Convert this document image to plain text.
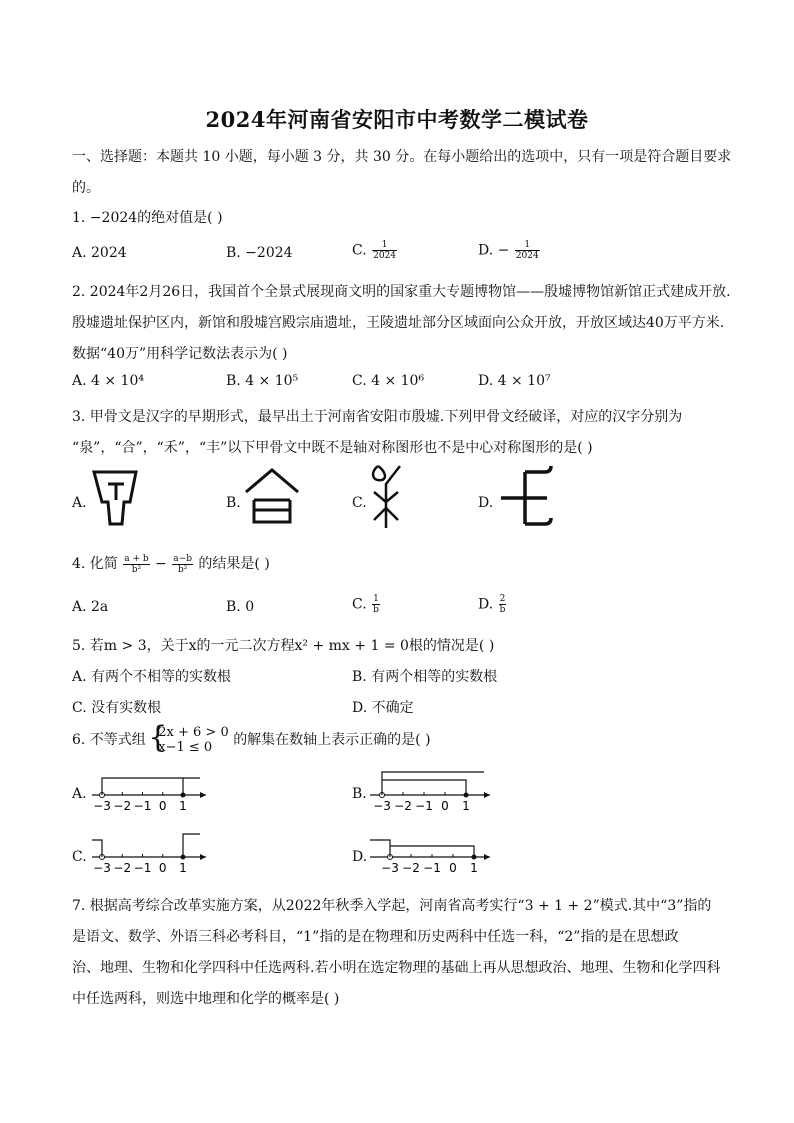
2024年河南省安阳市中考数学二模试卷
一、选择题：本题共 10 小题，每小题 3 分，共 30 分。在每小题给出的选项中，只有一项是符合题目要求
的。
1. −2024的绝对值是( )
A. 2024	B. −2024	C. $\frac{1}{2024}$	D. − $\frac{1}{2024}$
2. 2024年2月26日，我国首个全景式展现商文明的国家重大专题博物馆——殷墟博物馆新馆正式建成开放.
殷墟遗址保护区内，新馆和殷墟宫殿宗庙遗址，王陵遗址部分区域面向公众开放，开放区域达40万平方米.
数据“40万”用科学记数法表示为( )
A. 4 × 10⁴	B. 4 × 10⁵	C. 4 × 10⁶	D. 4 × 10⁷
3. 甲骨文是汉字的早期形式，最早出土于河南省安阳市殷墟.下列甲骨文经破译，对应的汉字分别为
“泉”，“合”，“禾”，“丰”以下甲骨文中既不是轴对称图形也不是中心对称图形的是( )
A.	B.	C.	D.
4. 化简 $\frac{a + b}{\text{b²}} - \frac{a-b}{\text{b²}}$ 的结果是( )
A. 2a	B. 0	C. $\frac{1}{b}$	D. $\frac{2}{b}$
5. 若m > 3，关于x的一元二次方程x² + mx + 1 = 0根的情况是( )
A. 有两个不相等的实数根	B. 有两个相等的实数根
C. 没有实数根	D. 不确定
6. 不等式组
{ 2x + 6 > 0
x−1 ≤ 0	的解集在数轴上表示正确的是( )
A.
−3 −2 −1 0 1
B.
−3 −2 −1 0 1
C.
−3 −2 −1 0 1
D.
−3 −2 −1 0 1
7. 根据高考综合改革实施方案，从2022年秋季入学起，河南省高考实行“3 + 1 + 2”模式.其中“3”指的
是语文、数学、外语三科必考科目，“1”指的是在物理和历史两科中任选一科，“2”指的是在思想政
治、地理、生物和化学四科中任选两科.若小明在选定物理的基础上再从思想政治、地理、生物和化学四科
中任选两科，则选中地理和化学的概率是( )
